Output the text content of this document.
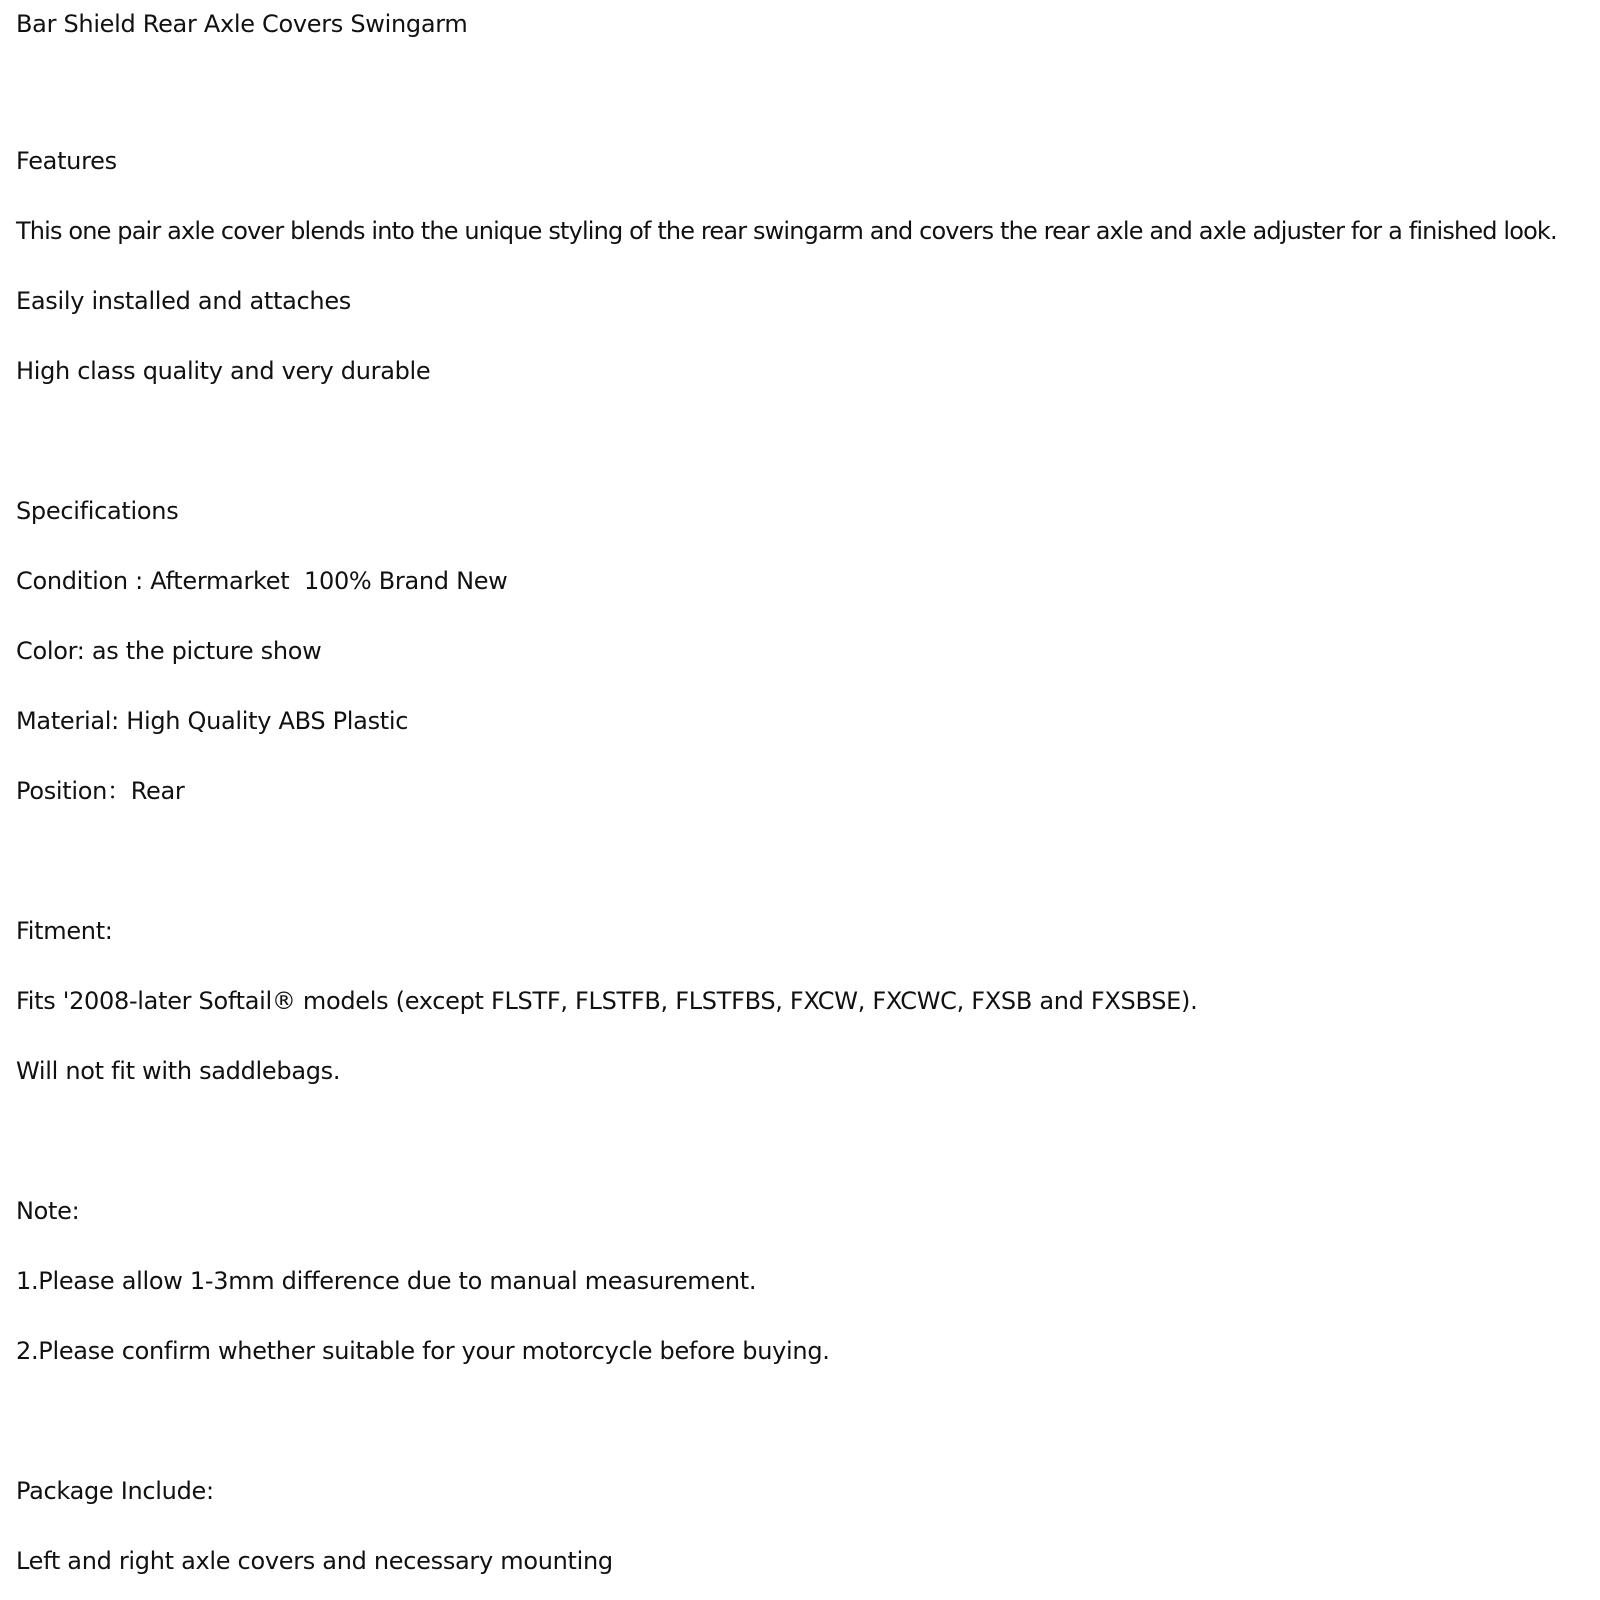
Bar Shield Rear Axle Covers Swingarm

Features

This one pair axle cover blends into the unique styling of the rear swingarm and covers the rear axle and axle adjuster for a finished look.

Easily installed and attaches

High class quality and very durable

Specifications

Condition : Aftermarket  100% Brand New

Color: as the picture show

Material: High Quality ABS Plastic

Position：Rear

Fitment:

Fits '2008-later Softail® models (except FLSTF, FLSTFB, FLSTFBS, FXCW, FXCWC, FXSB and FXSBSE).

Will not fit with saddlebags.

Note:

1.Please allow 1-3mm difference due to manual measurement.

2.Please confirm whether suitable for your motorcycle before buying.

Package Include:

Left and right axle covers and necessary mounting
